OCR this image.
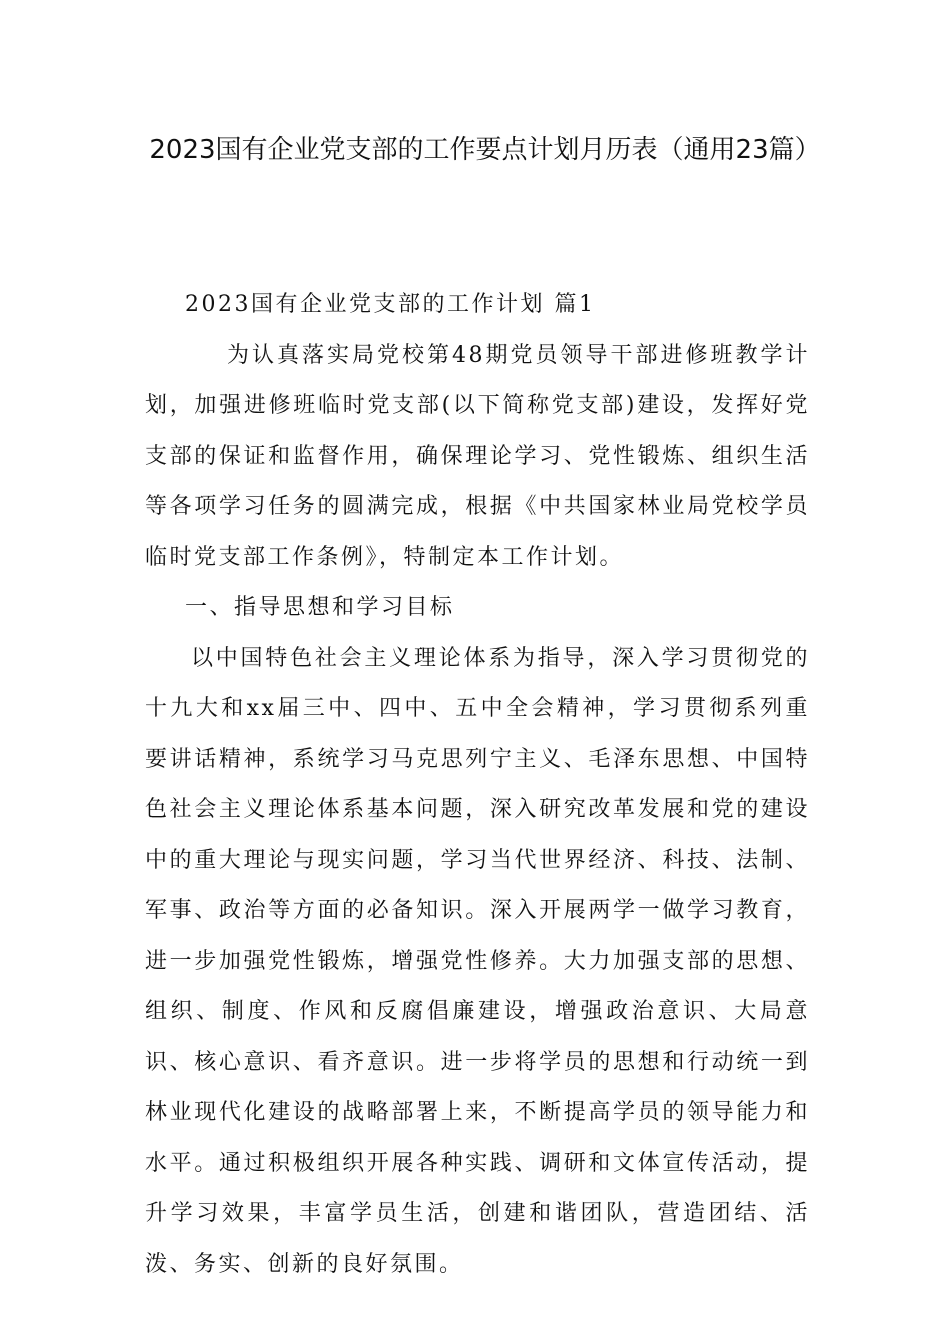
2023国有企业党支部的工作要点计划月历表（通用23篇）

2023国有企业党支部的工作计划 篇1

为认真落实局党校第48期党员领导干部进修班教学计划，加强进修班临时党支部(以下简称党支部)建设，发挥好党支部的保证和监督作用，确保理论学习、党性锻炼、组织生活等各项学习任务的圆满完成，根据《中共国家林业局党校学员临时党支部工作条例》，特制定本工作计划。

一、指导思想和学习目标

以中国特色社会主义理论体系为指导，深入学习贯彻党的十九大和xx届三中、四中、五中全会精神，学习贯彻系列重要讲话精神，系统学习马克思列宁主义、毛泽东思想、中国特色社会主义理论体系基本问题，深入研究改革发展和党的建设中的重大理论与现实问题，学习当代世界经济、科技、法制、军事、政治等方面的必备知识。深入开展两学一做学习教育，进一步加强党性锻炼，增强党性修养。大力加强支部的思想、组织、制度、作风和反腐倡廉建设，增强政治意识、大局意识、核心意识、看齐意识。进一步将学员的思想和行动统一到林业现代化建设的战略部署上来，不断提高学员的领导能力和水平。通过积极组织开展各种实践、调研和文体宣传活动，提升学习效果，丰富学员生活，创建和谐团队，营造团结、活泼、务实、创新的良好氛围。
